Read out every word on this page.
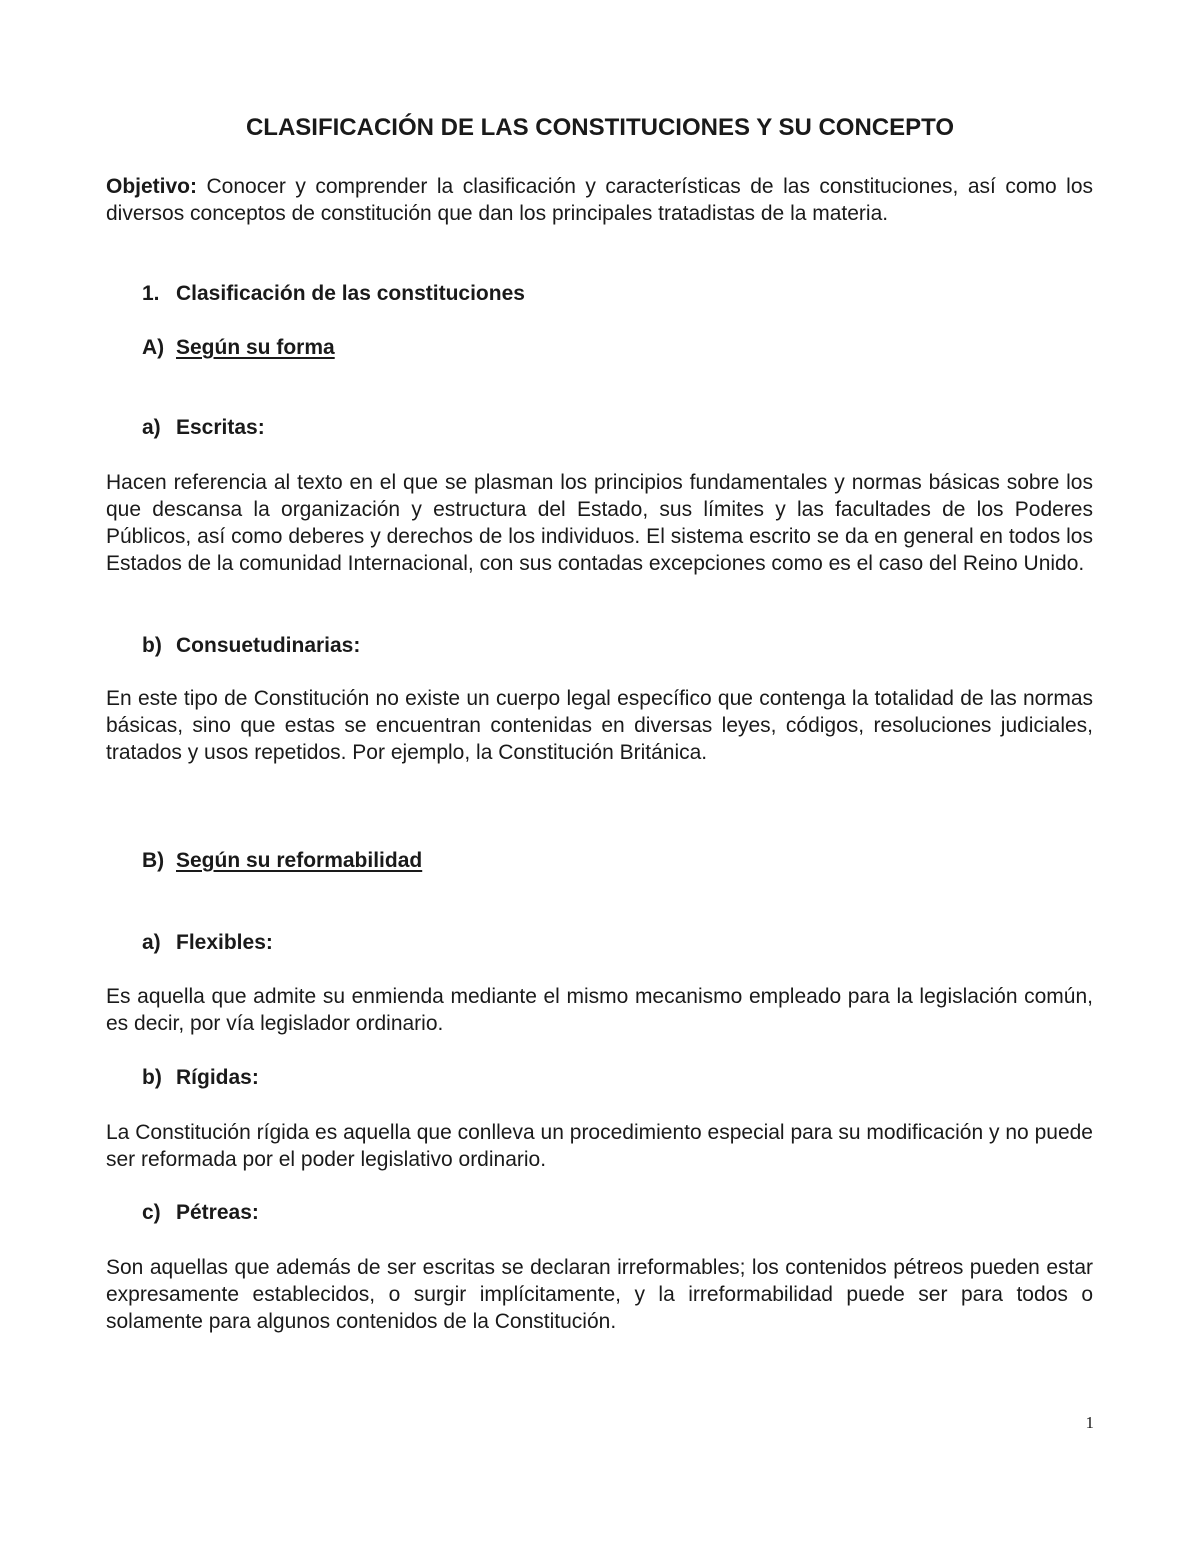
CLASIFICACIÓN DE LAS CONSTITUCIONES Y SU CONCEPTO

Objetivo: Conocer y comprender la clasificación y características de las constituciones, así como los diversos conceptos de constitución que dan los principales tratadistas de la materia.

1. Clasificación de las constituciones

A) Según su forma

a) Escritas:

Hacen referencia al texto en el que se plasman los principios fundamentales y normas básicas sobre los que descansa la organización y estructura del Estado, sus límites y las facultades de los Poderes Públicos, así como deberes y derechos de los individuos. El sistema escrito se da en general en todos los Estados de la comunidad Internacional, con sus contadas excepciones como es el caso del Reino Unido.

b) Consuetudinarias:

En este tipo de Constitución no existe un cuerpo legal específico que contenga la totalidad de las normas básicas, sino que estas se encuentran contenidas en diversas leyes, códigos, resoluciones judiciales, tratados y usos repetidos. Por ejemplo, la Constitución Británica.

B) Según su reformabilidad

a) Flexibles:

Es aquella que admite su enmienda mediante el mismo mecanismo empleado para la legislación común, es decir, por vía legislador ordinario.

b) Rígidas:

La Constitución rígida es aquella que conlleva un procedimiento especial para su modificación y no puede ser reformada por el poder legislativo ordinario.

c) Pétreas:

Son aquellas que además de ser escritas se declaran irreformables; los contenidos pétreos pueden estar expresamente establecidos, o surgir implícitamente, y la irreformabilidad puede ser para todos o solamente para algunos contenidos de la Constitución.

1
